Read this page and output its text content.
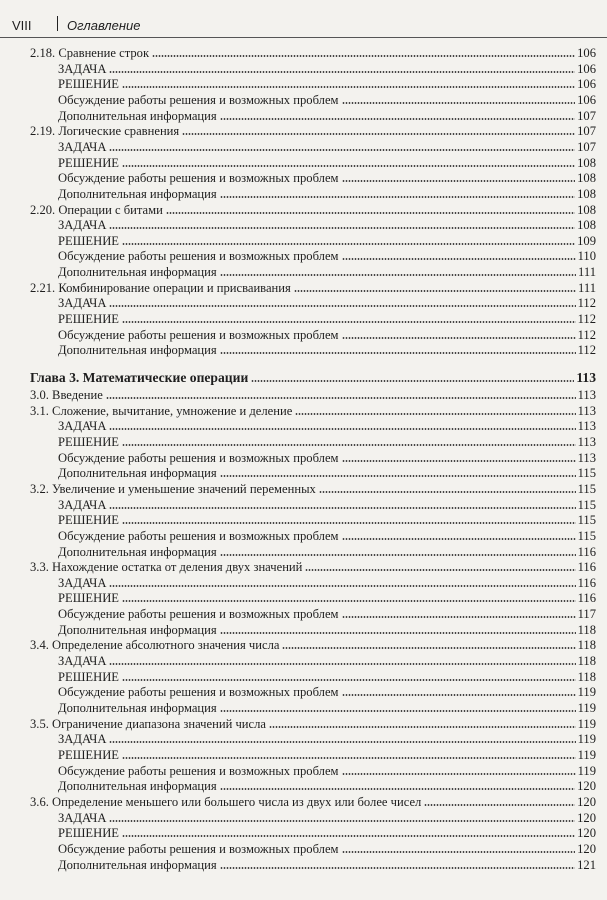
VIII	Оглавление
2.18. Сравнение строк	106
ЗАДАЧА	106
РЕШЕНИЕ	106
Обсуждение работы решения и возможных проблем	106
Дополнительная информация	107
2.19. Логические сравнения	107
ЗАДАЧА	107
РЕШЕНИЕ	108
Обсуждение работы решения и возможных проблем	108
Дополнительная информация	108
2.20. Операции с битами	108
ЗАДАЧА	108
РЕШЕНИЕ	109
Обсуждение работы решения и возможных проблем	110
Дополнительная информация	111
2.21. Комбинирование операции и присваивания	111
ЗАДАЧА	112
РЕШЕНИЕ	112
Обсуждение работы решения и возможных проблем	112
Дополнительная информация	112
Глава 3. Математические операции	113
3.0. Введение	113
3.1. Сложение, вычитание, умножение и деление	113
ЗАДАЧА	113
РЕШЕНИЕ	113
Обсуждение работы решения и возможных проблем	113
Дополнительная информация	115
3.2. Увеличение и уменьшение значений переменных	115
ЗАДАЧА	115
РЕШЕНИЕ	115
Обсуждение работы решения и возможных проблем	115
Дополнительная информация	116
3.3. Нахождение остатка от деления двух значений	116
ЗАДАЧА	116
РЕШЕНИЕ	116
Обсуждение работы решения и возможных проблем	117
Дополнительная информация	118
3.4. Определение абсолютного значения числа	118
ЗАДАЧА	118
РЕШЕНИЕ	118
Обсуждение работы решения и возможных проблем	119
Дополнительная информация	119
3.5. Ограничение диапазона значений числа	119
ЗАДАЧА	119
РЕШЕНИЕ	119
Обсуждение работы решения и возможных проблем	119
Дополнительная информация	120
3.6. Определение меньшего или большего числа из двух или более чисел	120
ЗАДАЧА	120
РЕШЕНИЕ	120
Обсуждение работы решения и возможных проблем	120
Дополнительная информация	121
